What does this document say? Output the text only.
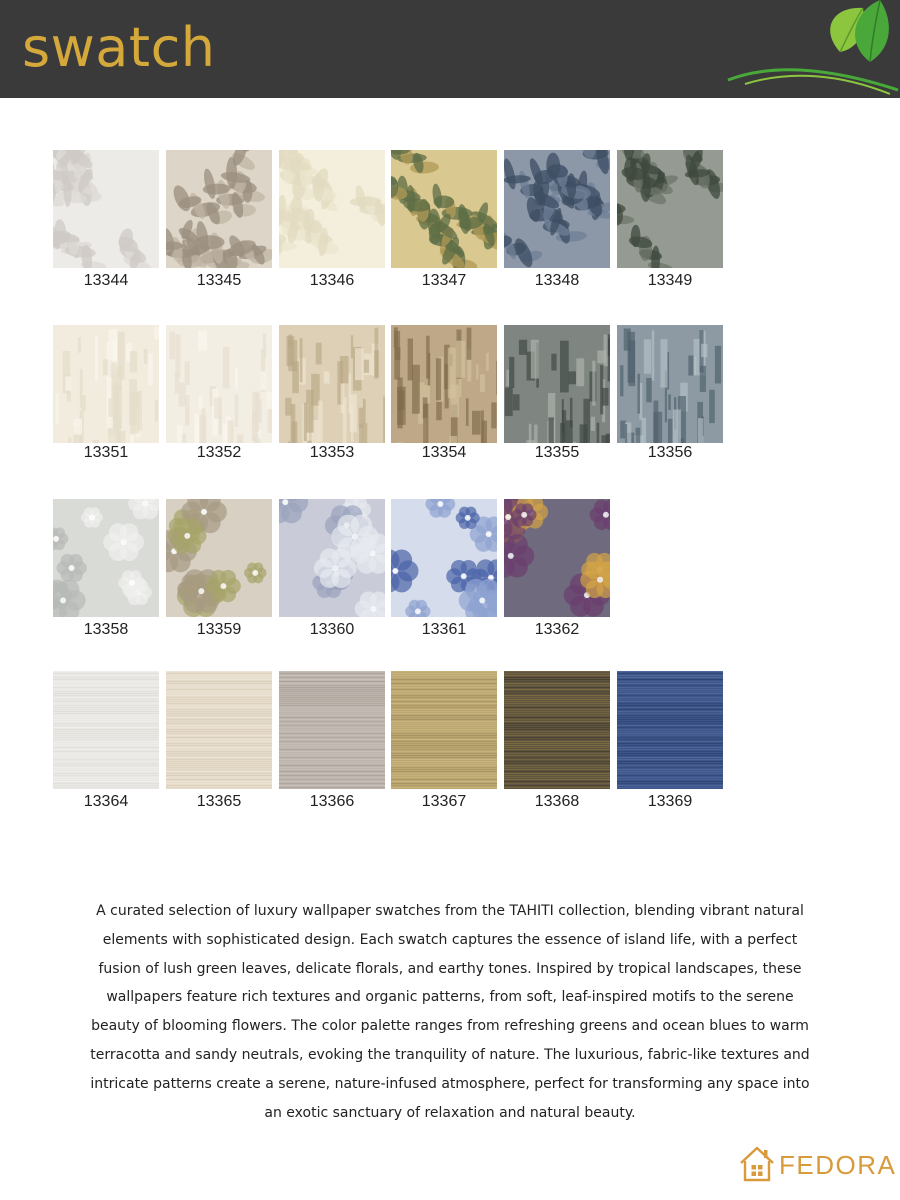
swatch
13344	13345	13346	13347	13348	13349
13351	13352	13353	13354	13355	13356
13358	13359	13360	13361	13362
13364	13365	13366	13367	13368	13369
A curated selection of luxury wallpaper swatches from the TAHITI collection, blending vibrant natural elements with sophisticated design. Each swatch captures the essence of island life, with a perfect fusion of lush green leaves, delicate florals, and earthy tones. Inspired by tropical landscapes, these wallpapers feature rich textures and organic patterns, from soft, leaf-inspired motifs to the serene beauty of blooming flowers. The color palette ranges from refreshing greens and ocean blues to warm terracotta and sandy neutrals, evoking the tranquility of nature. The luxurious, fabric-like textures and intricate patterns create a serene, nature-infused atmosphere, perfect for transforming any space into an exotic sanctuary of relaxation and natural beauty.
FEDORA
